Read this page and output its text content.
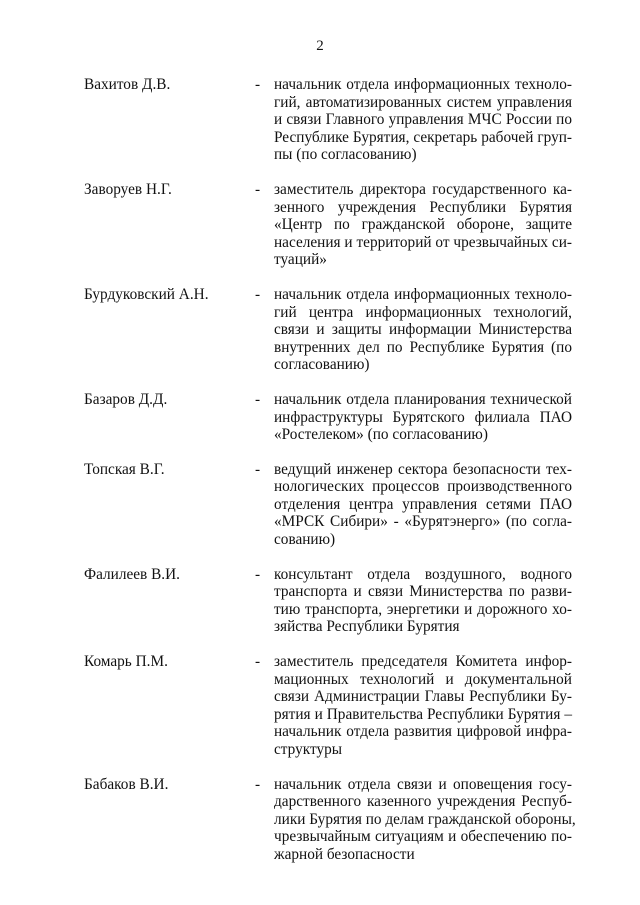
2
Вахитов Д.В.	- начальник отдела информационных техноло-
гий, автоматизированных систем управления
и связи Главного управления МЧС России по
Республике Бурятия, секретарь рабочей груп-
пы (по согласованию)
Заворуев Н.Г.	- заместитель директора государственного ка-
зенного учреждения Республики Бурятия
«Центр по гражданской обороне, защите
населения и территорий от чрезвычайных си-
туаций»
Бурдуковский А.Н.	- начальник отдела информационных техноло-
гий центра информационных технологий,
связи и защиты информации Министерства
внутренних дел по Республике Бурятия (по
согласованию)
Базаров Д.Д.	- начальник отдела планирования технической
инфраструктуры Бурятского филиала ПАО
«Ростелеком» (по согласованию)
Топская В.Г.	- ведущий инженер сектора безопасности тех-
нологических процессов производственного
отделения центра управления сетями ПАО
«МРСК Сибири» - «Бурятэнерго» (по согла-
сованию)
Фалилеев В.И.	- консультант отдела воздушного, водного
транспорта и связи Министерства по разви-
тию транспорта, энергетики и дорожного хо-
зяйства Республики Бурятия
Комарь П.М.	- заместитель председателя Комитета инфор-
мационных технологий и документальной
связи Администрации Главы Республики Бу-
рятия и Правительства Республики Бурятия –
начальник отдела развития цифровой инфра-
структуры
Бабаков В.И.	- начальник отдела связи и оповещения госу-
дарственного казенного учреждения Респуб-
лики Бурятия по делам гражданской обороны,
чрезвычайным ситуациям и обеспечению по-
жарной безопасности
